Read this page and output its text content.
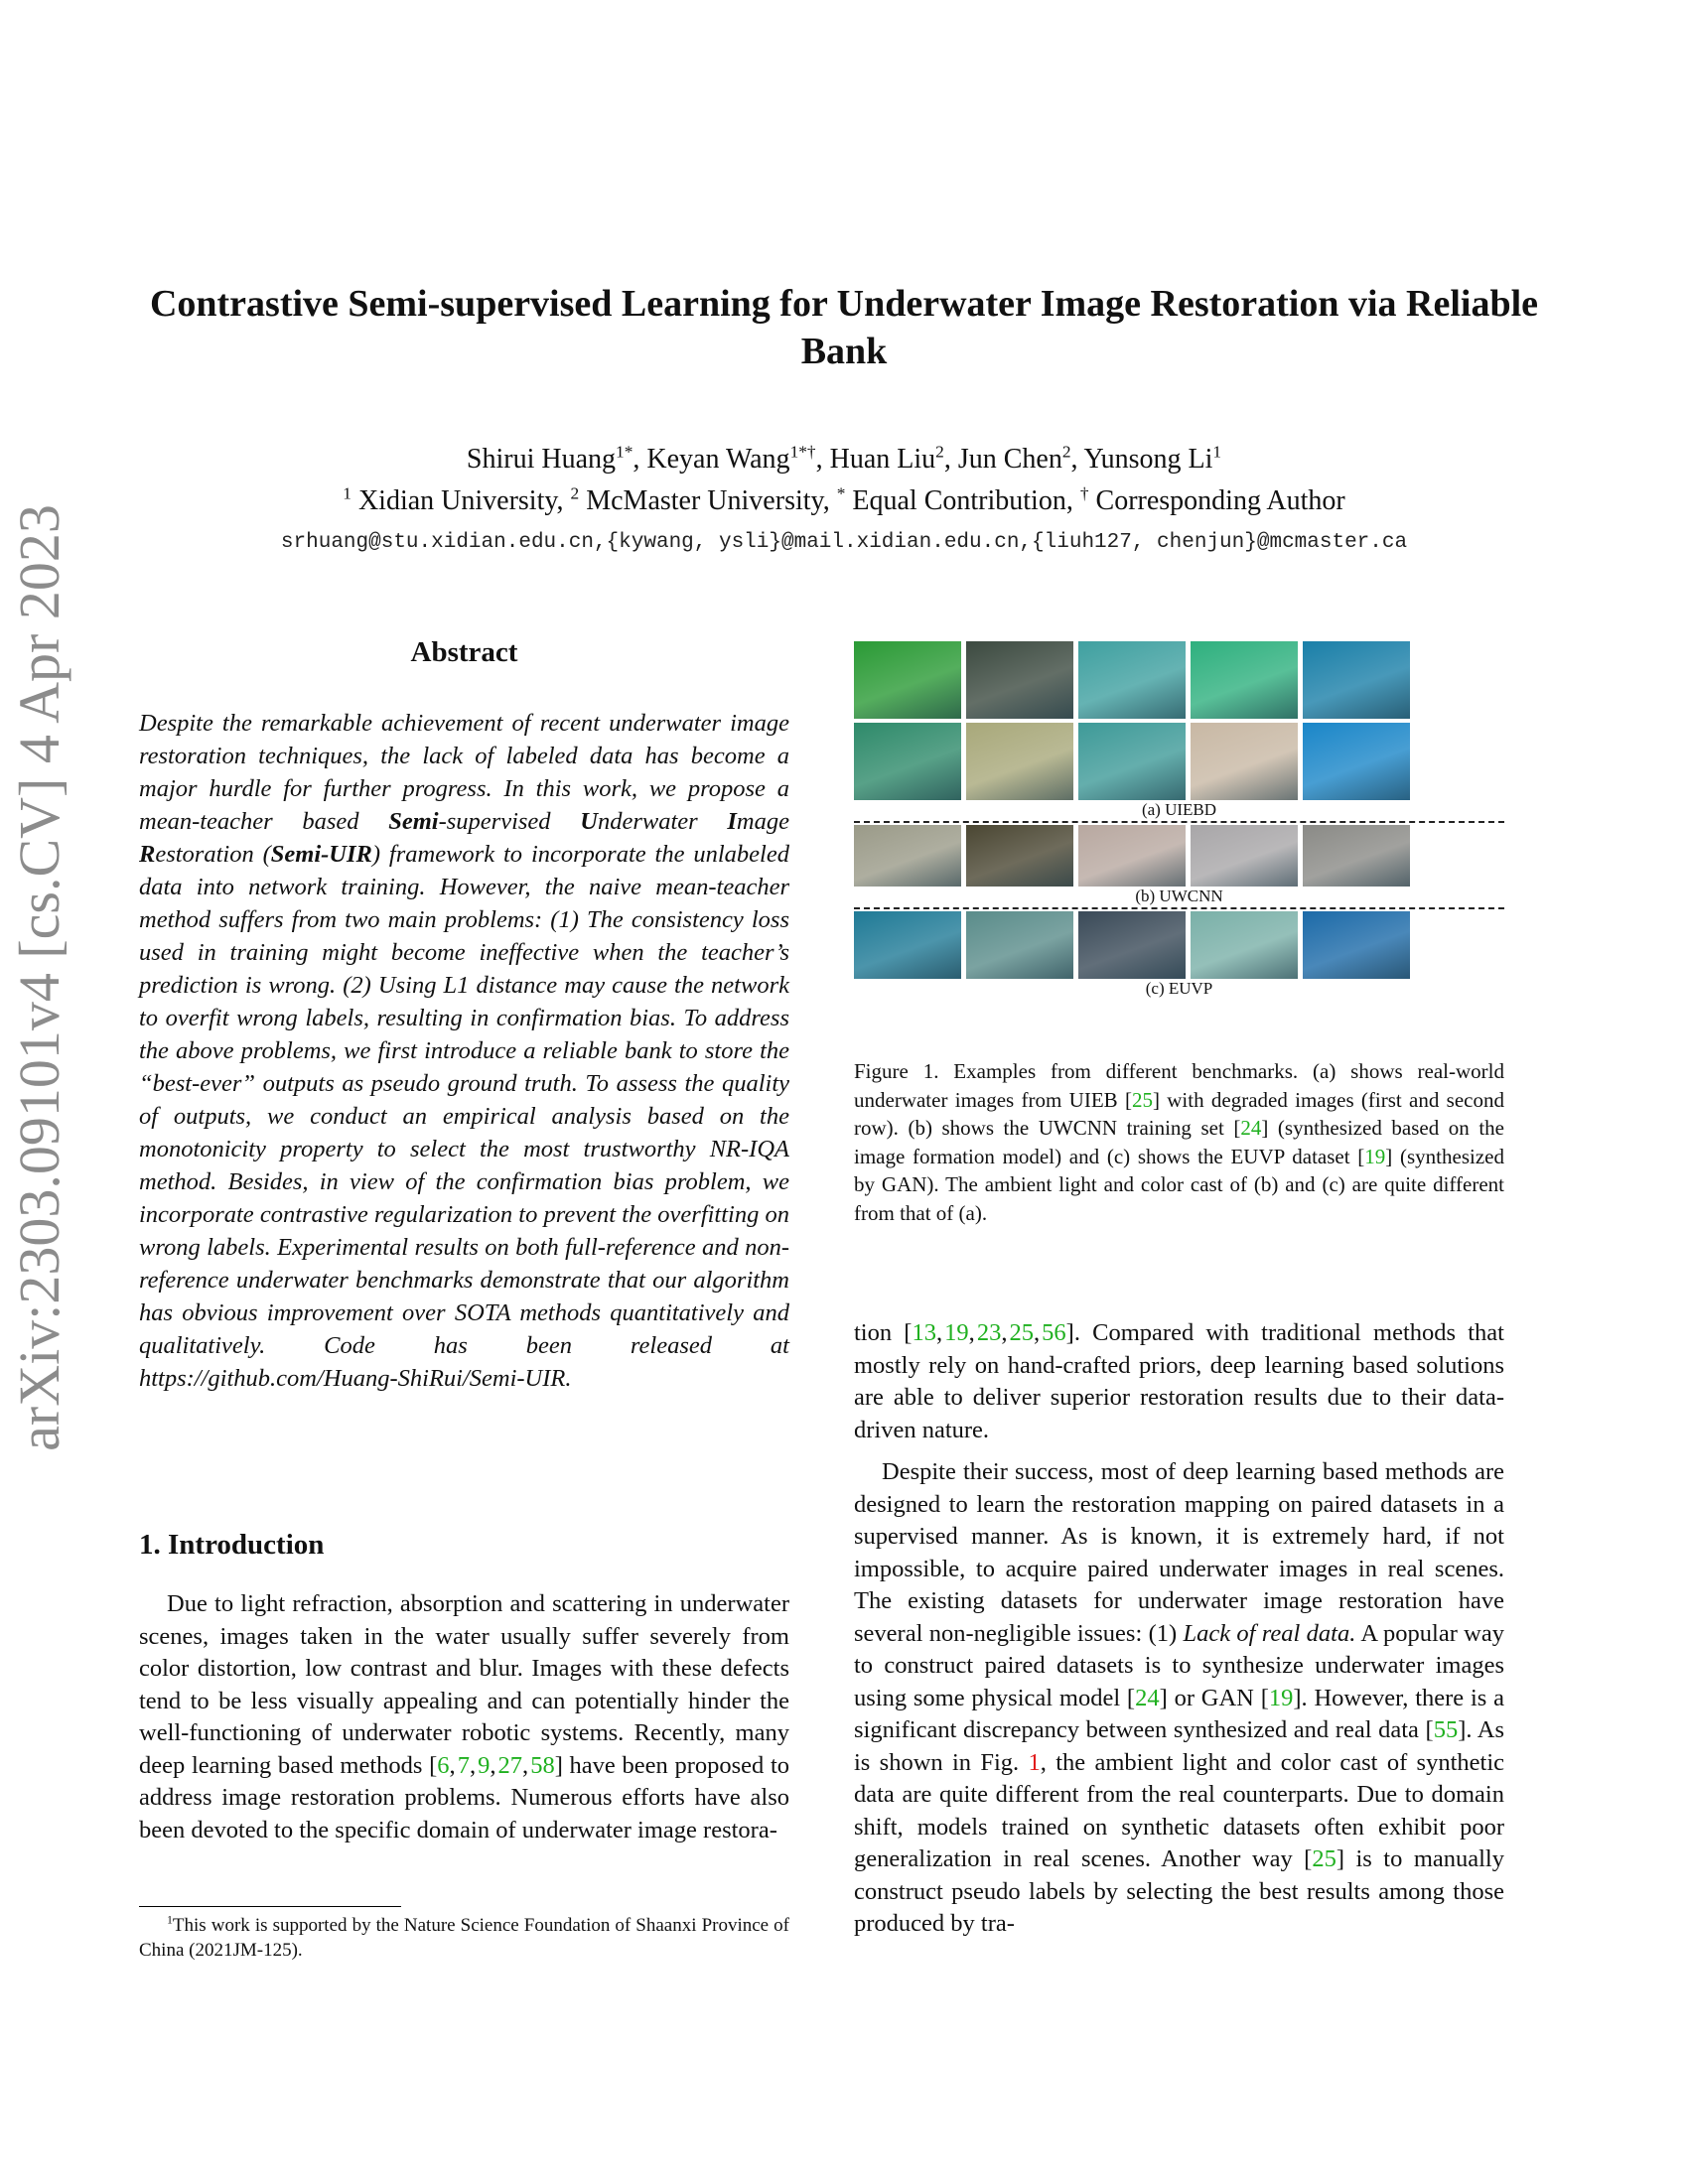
Contrastive Semi-supervised Learning for Underwater Image Restoration via Reliable Bank
Shirui Huang$^{1*}$, Keyan Wang$^{1*\dagger}$, Huan Liu$^2$, Jun Chen$^2$, Yunsong Li$^1$
$^1$ Xidian University, $^2$ McMaster University, * Equal Contribution, † Corresponding Author
srhuang@stu.xidian.edu.cn,{kywang, ysli}@mail.xidian.edu.cn,{liuh127, chenjun}@mcmaster.ca
arXiv:2303.09101v4 [cs.CV] 4 Apr 2023	Abstract
Despite the remarkable achievement of recent underwater image restoration techniques, the lack of labeled data has become a major hurdle for further progress. In this work, we propose a mean-teacher based Semi-supervised Underwater Image Restoration (Semi-UIR) framework to incorporate the unlabeled data into network training. However, the naive mean-teacher method suffers from two main problems: (1) The consistency loss used in training might become ineffective when the teacher’s prediction is wrong. (2) Using L1 distance may cause the network to overfit wrong labels, resulting in confirmation bias. To address the above problems, we first introduce a reliable bank to store the “best-ever” outputs as pseudo ground truth. To assess the quality of outputs, we conduct an empirical analysis based on the monotonicity property to select the most trustworthy NR-IQA method. Besides, in view of the confirmation bias problem, we incorporate contrastive regularization to prevent the overfitting on wrong labels. Experimental results on both full-reference and non-reference underwater benchmarks demonstrate that our algorithm has obvious improvement over SOTA methods quantitatively and qualitatively. Code has been released at https://github.com/Huang-ShiRui/Semi-UIR.
1. Introduction

Due to light refraction, absorption and scattering in underwater scenes, images taken in the water usually suffer severely from color distortion, low contrast and blur. Images with these defects tend to be less visually appealing and can potentially hinder the well-functioning of underwater robotic systems. Recently, many deep learning based methods [6, 7, 9, 27, 58] have been proposed to address image restoration problems. Numerous efforts have also been devoted to the specific domain of underwater image restora-

$^1$This work is supported by the Nature Science Foundation of Shaanxi Province of China (2021JM-125).

(a) UIEBD
(b) UWCNN
(c) EUVP
Figure 1. Examples from different benchmarks. (a) shows real-world underwater images from UIEB [25] with degraded images (first and second row). (b) shows the UWCNN training set [24] (synthesized based on the image formation model) and (c) shows the EUVP dataset [19] (synthesized by GAN). The ambient light and color cast of (b) and (c) are quite different from that of (a).

tion [13, 19, 23, 25, 56]. Compared with traditional methods that mostly rely on hand-crafted priors, deep learning based solutions are able to deliver superior restoration results due to their data-driven nature.

Despite their success, most of deep learning based methods are designed to learn the restoration mapping on paired datasets in a supervised manner. As is known, it is extremely hard, if not impossible, to acquire paired underwater images in real scenes. The existing datasets for underwater image restoration have several non-negligible issues: (1) Lack of real data. A popular way to construct paired datasets is to synthesize underwater images using some physical model [24] or GAN [19]. However, there is a significant discrepancy between synthesized and real data [55]. As is shown in Fig. 1, the ambient light and color cast of synthetic data are quite different from the real counterparts. Due to domain shift, models trained on synthetic datasets often exhibit poor generalization in real scenes. Another way [25] is to manually construct pseudo labels by selecting the best results among those produced by tra-
